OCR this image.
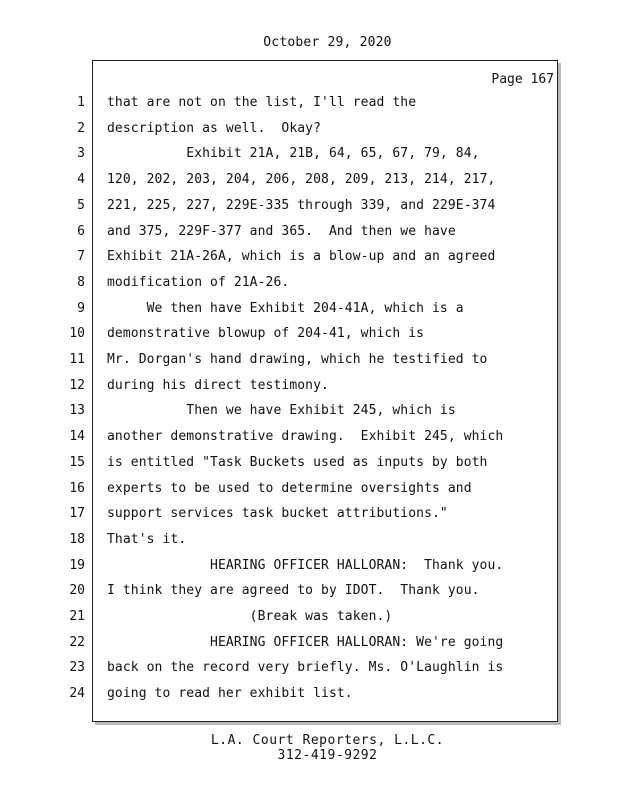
October 29, 2020
Page 167
1 that are not on the list, I'll read the
2 description as well.  Okay?
3 Exhibit 21A, 21B, 64, 65, 67, 79, 84,
4 120, 202, 203, 204, 206, 208, 209, 213, 214, 217,
5 221, 225, 227, 229E-335 through 339, and 229E-374
6 and 375, 229F-377 and 365.  And then we have
7 Exhibit 21A-26A, which is a blow-up and an agreed
8 modification of 21A-26.
9 We then have Exhibit 204-41A, which is a
10 demonstrative blowup of 204-41, which is
11 Mr. Dorgan's hand drawing, which he testified to
12 during his direct testimony.
13 Then we have Exhibit 245, which is
14 another demonstrative drawing.  Exhibit 245, which
15 is entitled "Task Buckets used as inputs by both
16 experts to be used to determine oversights and
17 support services task bucket attributions."
18 That's it.
19 HEARING OFFICER HALLORAN:  Thank you.
20 I think they are agreed to by IDOT.  Thank you.
21 (Break was taken.)
22 HEARING OFFICER HALLORAN: We're going
23 back on the record very briefly. Ms. O'Laughlin is
24 going to read her exhibit list.
L.A. Court Reporters, L.L.C.
312-419-9292
